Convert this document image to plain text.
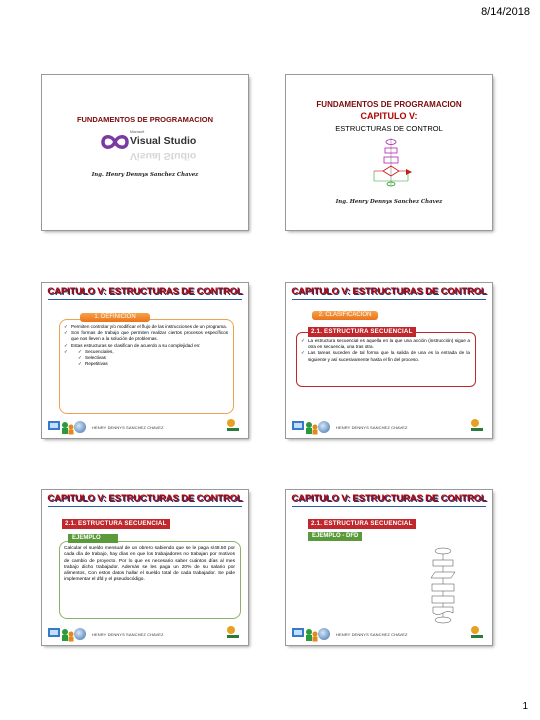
8/14/2018
FUNDAMENTOS DE PROGRAMACION
Microsoft
Visual Studio
Visual Studio
Ing. Henry Dennys Sanchez Chavez
FUNDAMENTOS DE PROGRAMACION
CAPITULO V:
ESTRUCTURAS DE CONTROL
Ing. Henry Dennys Sanchez Chavez
CAPITULO V: ESTRUCTURAS DE CONTROL
✓ Permiten controlar y/o modificar el flujo de las instrucciones de un programa.
✓ Son formas de trabajo que permiten realizar ciertos procesos específicos que nos lleven a la solución de problemas.
✓ Estas estructuras se clasifican de acuerdo a su complejidad en:
✓ ✓ Secuenciales,
✓ Selectivas
✓ Repetitivas
1. DEFINICION
HENRY DENNYS SANCHEZ CHAVEZ
CAPITULO V: ESTRUCTURAS DE CONTROL
2. CLASIFICACION
✓ La estructura secuencial es aquella en la que una acción (instrucción) sigue a otra en secuencia, una tras otra.
✓ Las tareas suceden de tal forma que la salida de una es la entrada de la siguiente y así sucesivamente hasta el fin del proceso.
2.1. ESTRUCTURA SECUENCIAL
HENRY DENNYS SANCHEZ CHAVEZ
CAPITULO V: ESTRUCTURAS DE CONTROL
2.1. ESTRUCTURA SECUENCIAL
Calcular el sueldo mensual de un obrero sabiendo que se le paga s/48.50 por cada día de trabajo, hay días en que los trabajadores no trabajan por motivos de cambio de proyecto. Por lo que es necesario saber cuántos días al mes trabajo dicho trabajador. Además se les paga un 20% de su salario por alimentos, Con estos datos hallar el sueldo total de cada trabajador. Se pide implementar el dfd y el pseudocódigo.
EJEMPLO
HENRY DENNYS SANCHEZ CHAVEZ
CAPITULO V: ESTRUCTURAS DE CONTROL
2.1. ESTRUCTURA SECUENCIAL
EJEMPLO - DFD
HENRY DENNYS SANCHEZ CHAVEZ
1
